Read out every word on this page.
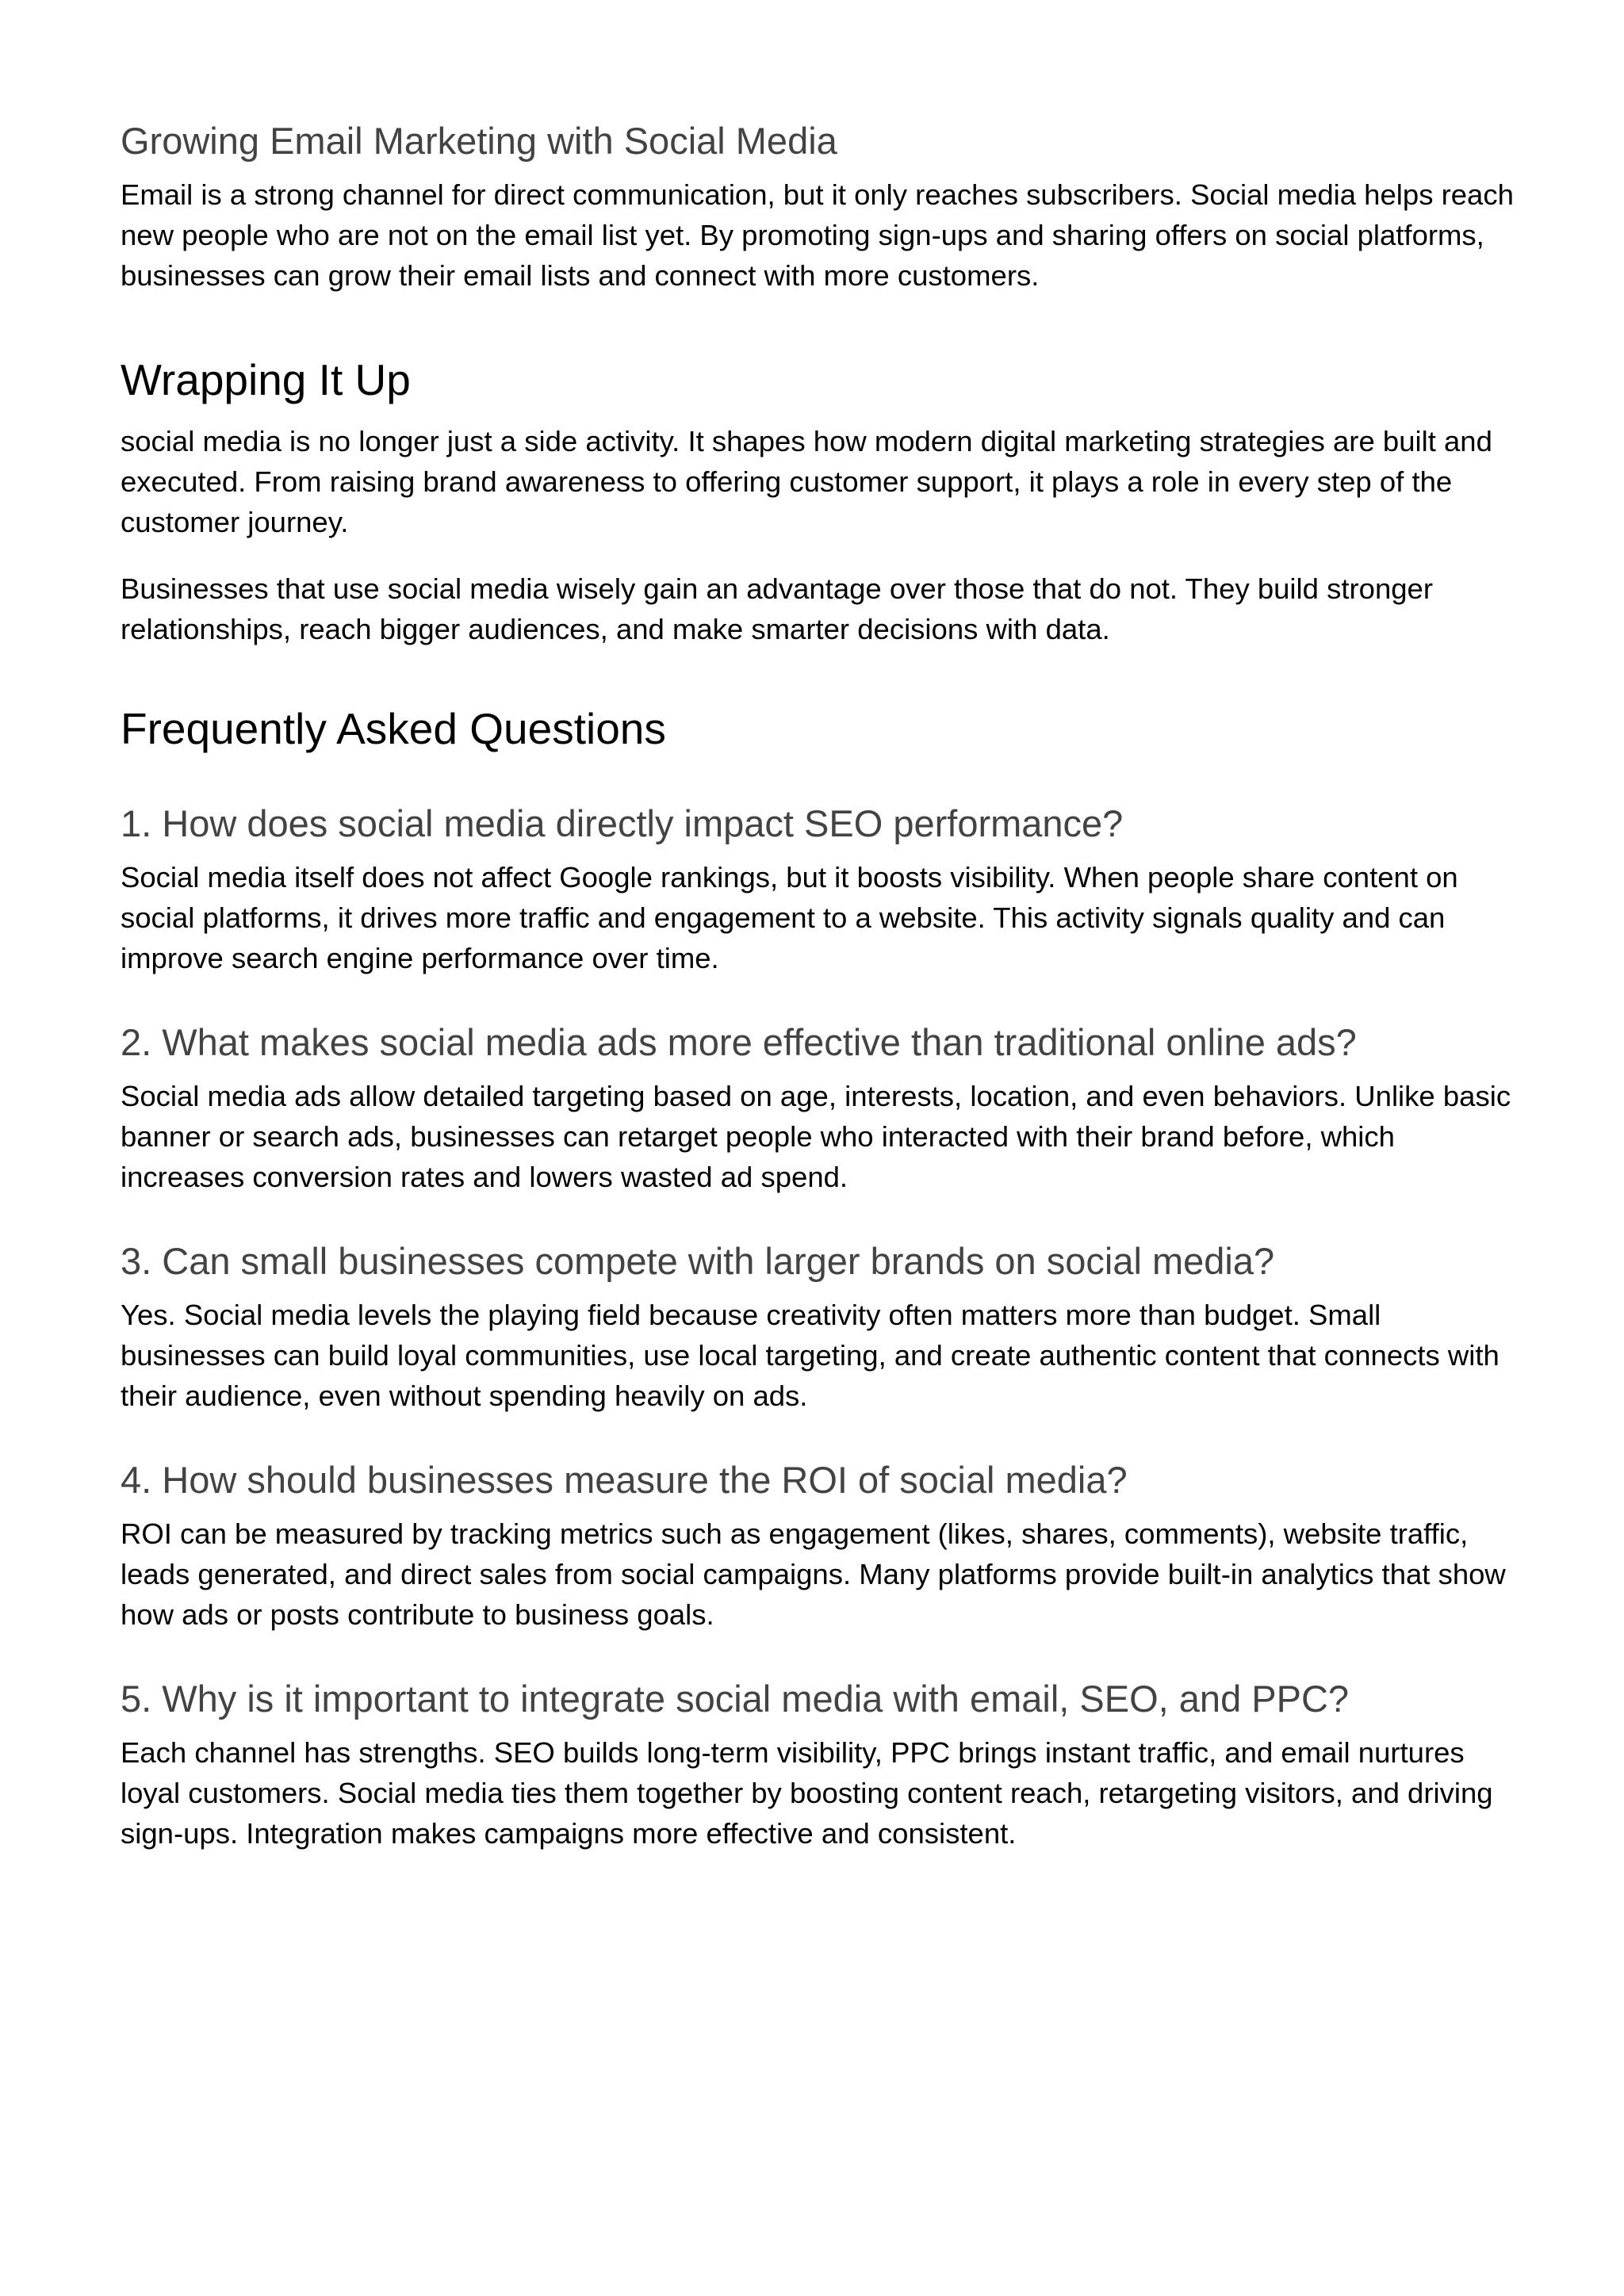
Growing Email Marketing with Social Media

Email is a strong channel for direct communication, but it only reaches subscribers. Social media helps reach new people who are not on the email list yet. By promoting sign-ups and sharing offers on social platforms, businesses can grow their email lists and connect with more customers.

Wrapping It Up

social media is no longer just a side activity. It shapes how modern digital marketing strategies are built and executed. From raising brand awareness to offering customer support, it plays a role in every step of the customer journey.

Businesses that use social media wisely gain an advantage over those that do not. They build stronger relationships, reach bigger audiences, and make smarter decisions with data.

Frequently Asked Questions
1. How does social media directly impact SEO performance?

Social media itself does not affect Google rankings, but it boosts visibility. When people share content on social platforms, it drives more traffic and engagement to a website. This activity signals quality and can improve search engine performance over time.

2. What makes social media ads more effective than traditional online ads?

Social media ads allow detailed targeting based on age, interests, location, and even behaviors. Unlike basic banner or search ads, businesses can retarget people who interacted with their brand before, which increases conversion rates and lowers wasted ad spend.

3. Can small businesses compete with larger brands on social media?

Yes. Social media levels the playing field because creativity often matters more than budget. Small businesses can build loyal communities, use local targeting, and create authentic content that connects with their audience, even without spending heavily on ads.

4. How should businesses measure the ROI of social media?

ROI can be measured by tracking metrics such as engagement (likes, shares, comments), website traffic, leads generated, and direct sales from social campaigns. Many platforms provide built-in analytics that show how ads or posts contribute to business goals.

5. Why is it important to integrate social media with email, SEO, and PPC?

Each channel has strengths. SEO builds long-term visibility, PPC brings instant traffic, and email nurtures loyal customers. Social media ties them together by boosting content reach, retargeting visitors, and driving sign-ups. Integration makes campaigns more effective and consistent.
